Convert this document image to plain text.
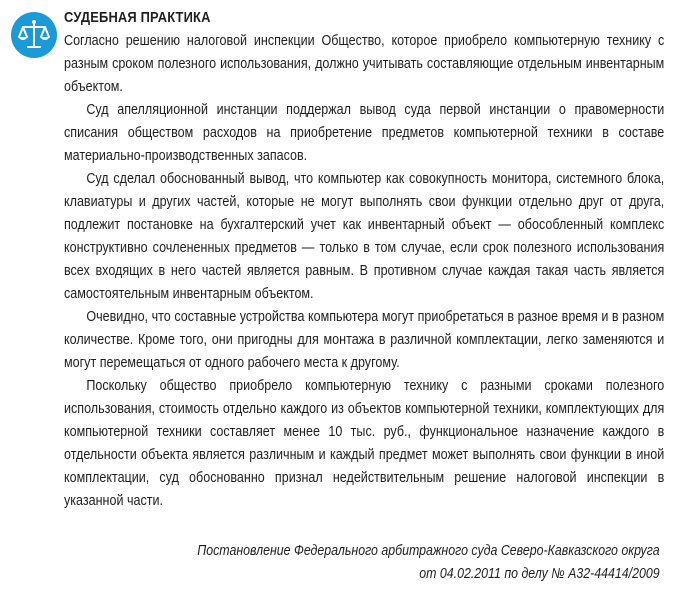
СУДЕБНАЯ ПРАКТИКА

Согласно решению налоговой инспекции Общество, которое приобрело компьютерную технику с разным сроком полезного использования, должно учитывать составляющие отдельным инвентарным объектом.

Суд апелляционной инстанции поддержал вывод суда первой инстанции о правомерности списания обществом расходов на приобретение предметов компьютерной техники в составе материально-производственных запасов.

Суд сделал обоснованный вывод, что компьютер как совокупность монитора, системного блока, клавиатуры и других частей, которые не могут выполнять свои функции отдельно друг от друга, подлежит постановке на бухгалтерский учет как инвентарный объект — обособленный комплекс конструктивно сочлененных предметов — только в том случае, если срок полезного использования всех входящих в него частей является равным. В противном случае каждая такая часть является самостоятельным инвентарным объектом.

Очевидно, что составные устройства компьютера могут приобретаться в разное время и в разном количестве. Кроме того, они пригодны для монтажа в различной комплектации, легко заменяются и могут перемещаться от одного рабочего места к другому.

Поскольку общество приобрело компьютерную технику с разными сроками полезного использования, стоимость отдельно каждого из объектов компьютерной техники, комплектующих для компьютерной техники составляет менее 10 тыс. руб., функциональное назначение каждого в отдельности объекта является различным и каждый предмет может выполнять свои функции в иной комплектации, суд обоснованно признал недействительным решение налоговой инспекции в указанной части.

Постановление Федерального арбитражного суда Северо-Кавказского округа
от 04.02.2011 по делу № А32-44414/2009
